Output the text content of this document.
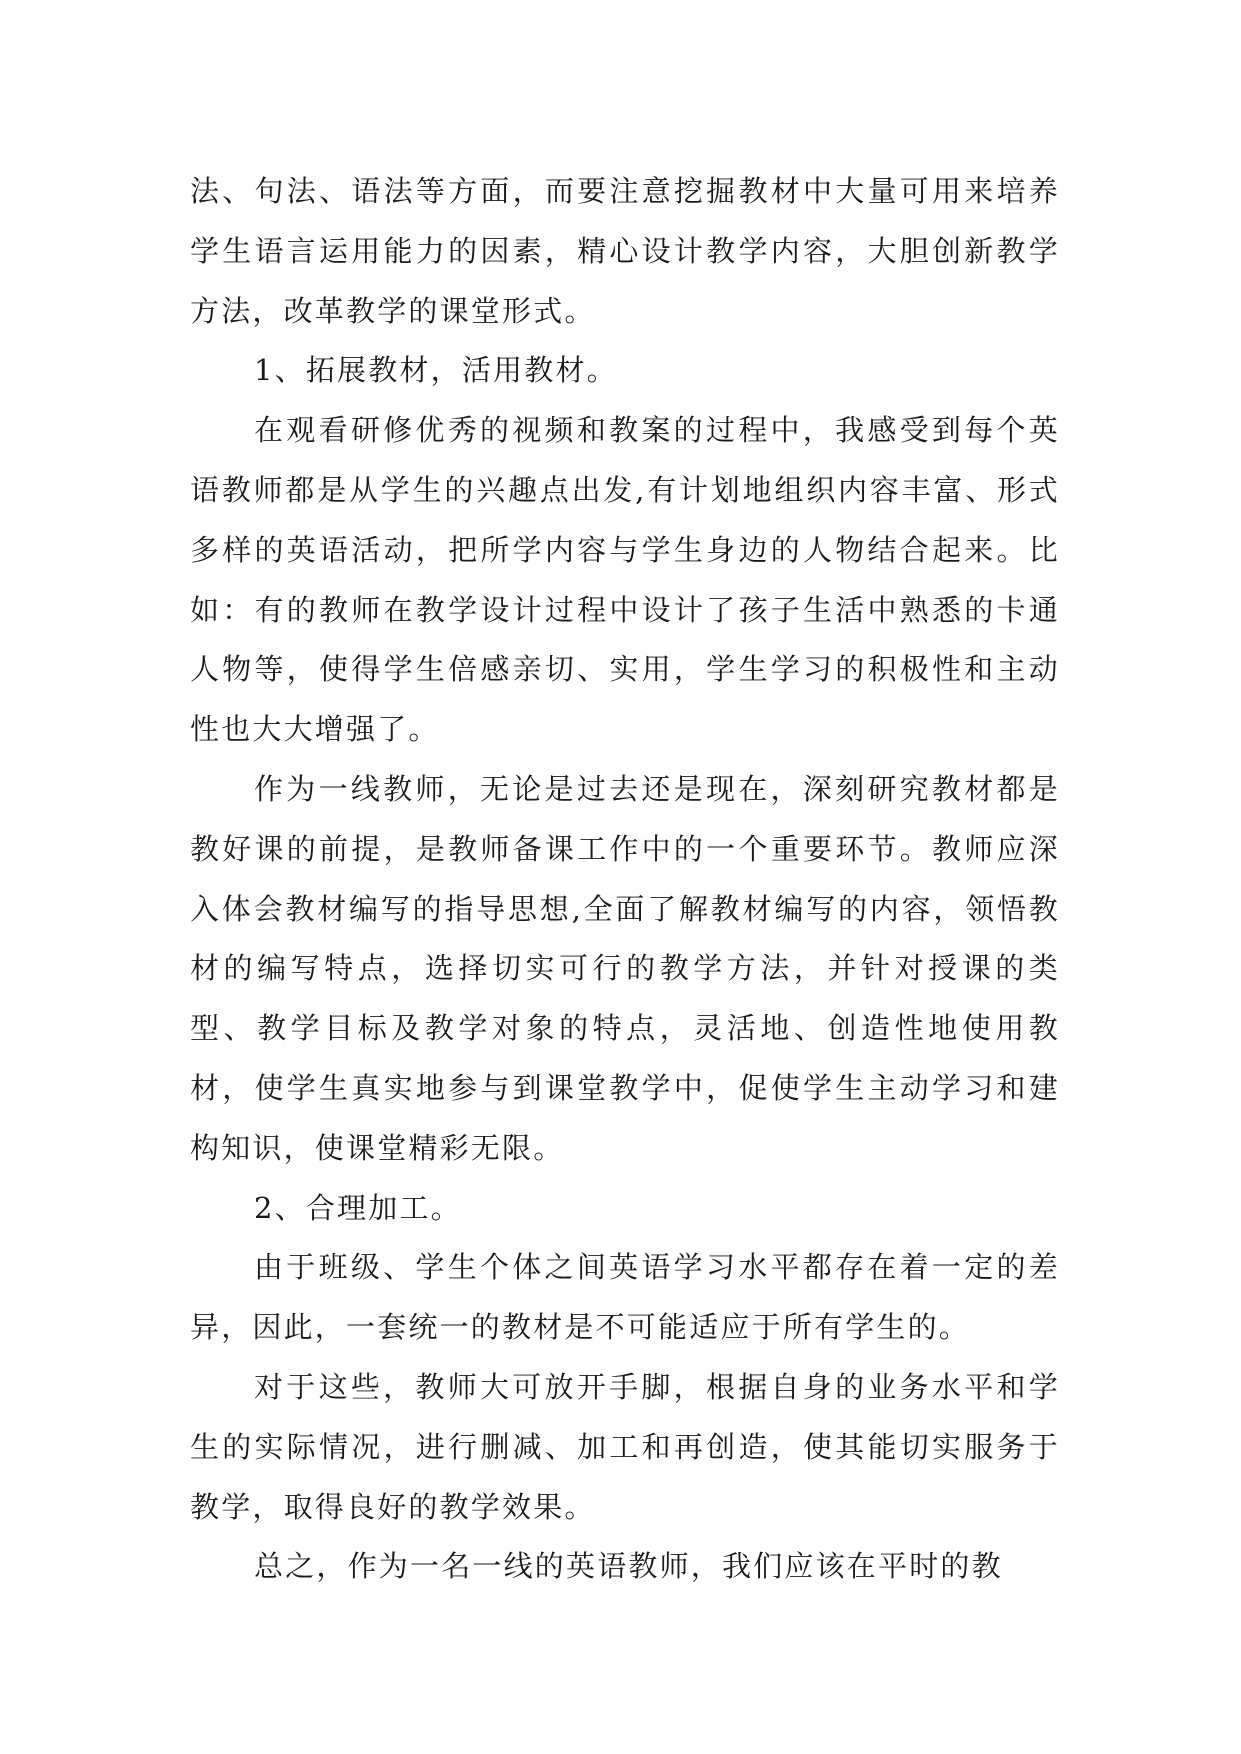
法、句法、语法等方面，而要注意挖掘教材中大量可用来培养学生语言运用能力的因素，精心设计教学内容，大胆创新教学方法，改革教学的课堂形式。

1、拓展教材，活用教材。

在观看研修优秀的视频和教案的过程中，我感受到每个英语教师都是从学生的兴趣点出发,有计划地组织内容丰富、形式多样的英语活动，把所学内容与学生身边的人物结合起来。比如：有的教师在教学设计过程中设计了孩子生活中熟悉的卡通人物等，使得学生倍感亲切、实用，学生学习的积极性和主动性也大大增强了。

作为一线教师，无论是过去还是现在，深刻研究教材都是教好课的前提，是教师备课工作中的一个重要环节。教师应深入体会教材编写的指导思想,全面了解教材编写的内容，领悟教材的编写特点，选择切实可行的教学方法，并针对授课的类型、教学目标及教学对象的特点，灵活地、创造性地使用教材，使学生真实地参与到课堂教学中，促使学生主动学习和建构知识，使课堂精彩无限。

2、合理加工。

由于班级、学生个体之间英语学习水平都存在着一定的差异，因此，一套统一的教材是不可能适应于所有学生的。

对于这些，教师大可放开手脚，根据自身的业务水平和学生的实际情况，进行删减、加工和再创造，使其能切实服务于教学，取得良好的教学效果。

总之，作为一名一线的英语教师，我们应该在平时的教
